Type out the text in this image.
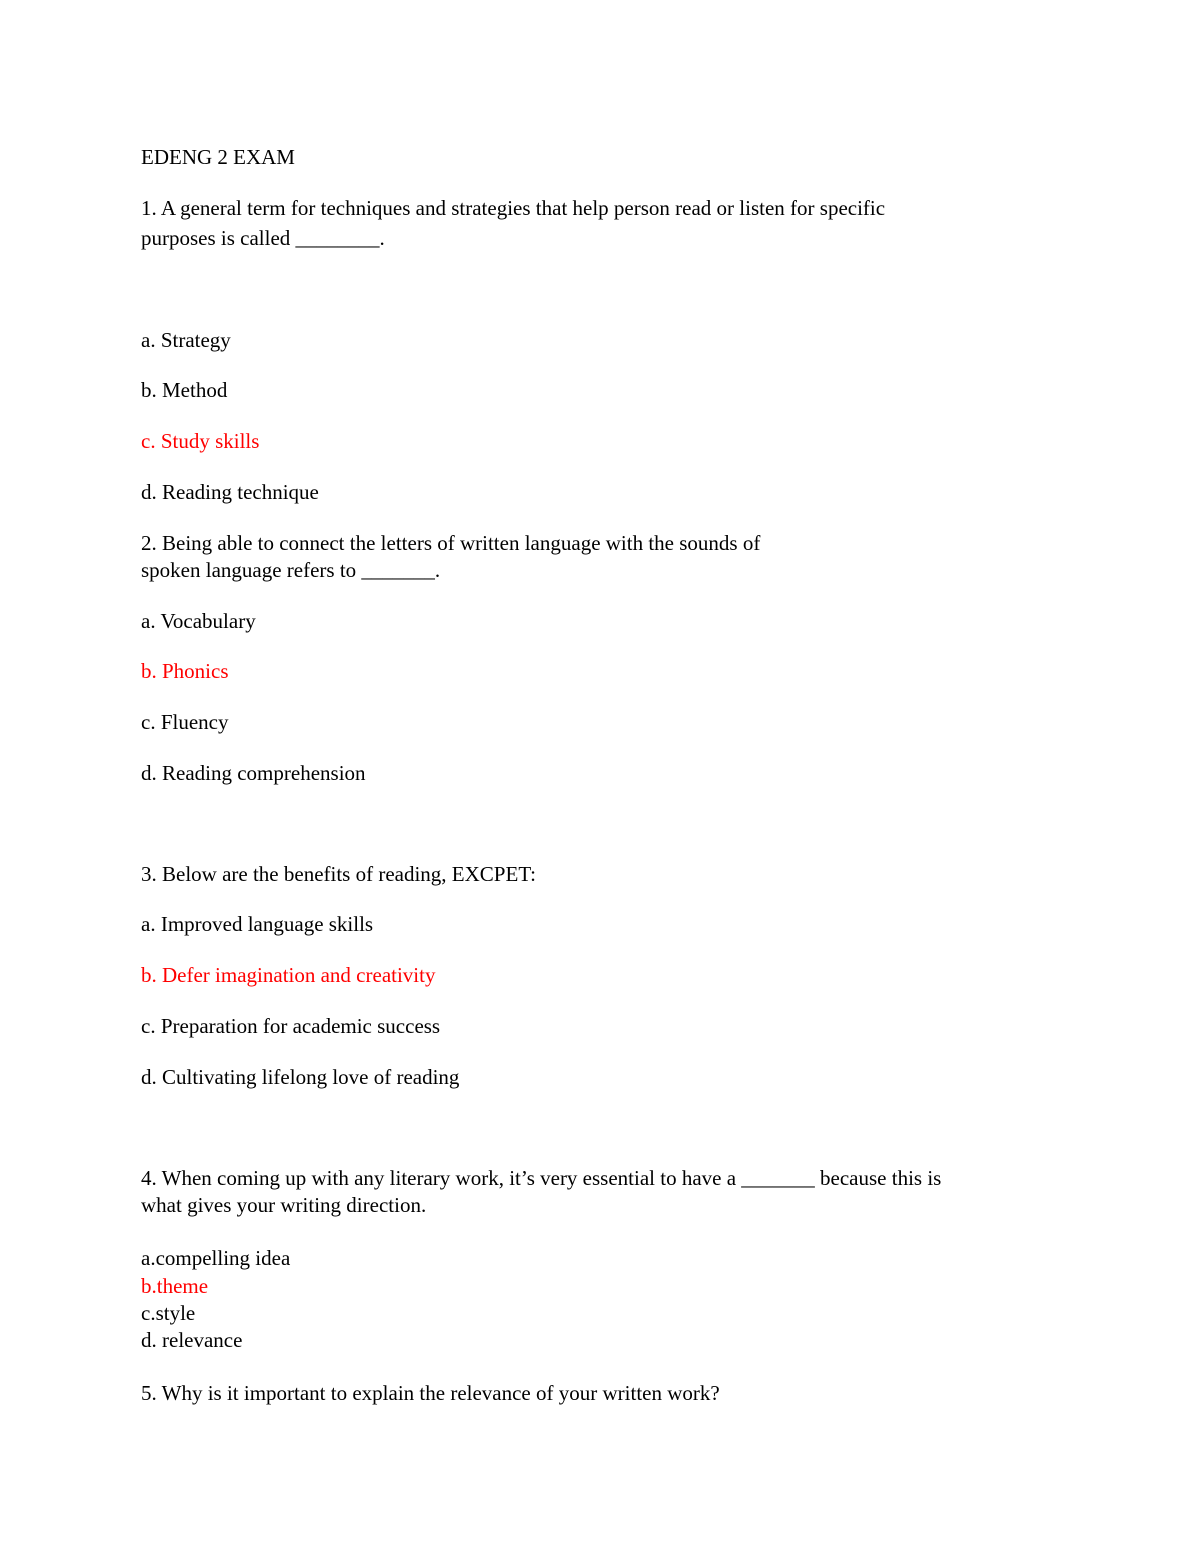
EDENG 2 EXAM
1. A general term for techniques and strategies that help person read or listen for specific
purposes is called ________.
a. Strategy
b. Method
c. Study skills
d. Reading technique
2. Being able to connect the letters of written language with the sounds of
spoken language refers to _______.
a. Vocabulary
b. Phonics
c. Fluency
d. Reading comprehension
3. Below are the benefits of reading, EXCPET:
a. Improved language skills
b. Defer imagination and creativity
c. Preparation for academic success
d. Cultivating lifelong love of reading
4. When coming up with any literary work, it’s very essential to have a _______ because this is
what gives your writing direction.
a.compelling idea
b.theme
c.style
d. relevance
5. Why is it important to explain the relevance of your written work?
